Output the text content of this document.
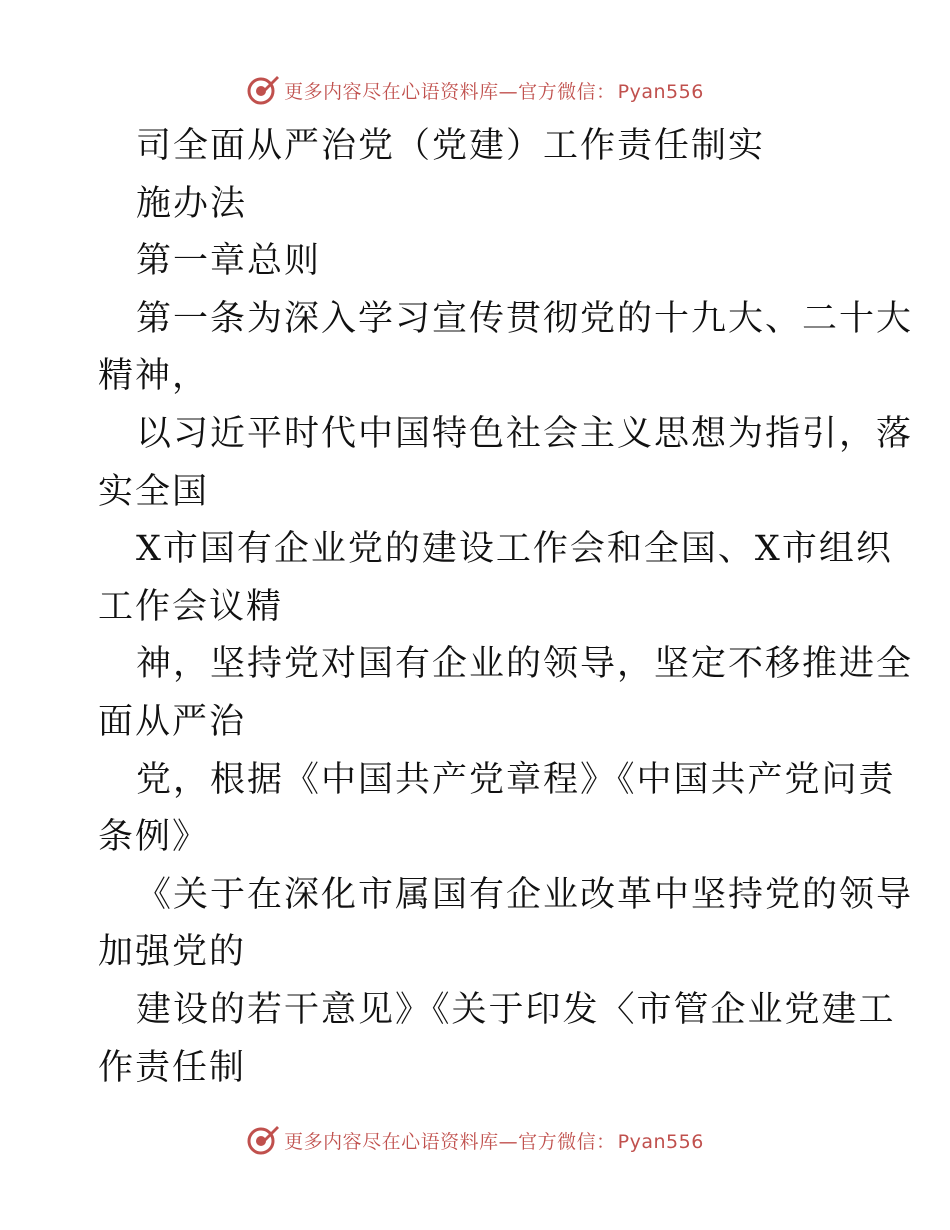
更多内容尽在心语资料库—官方微信： Pyan556
司全面从严治党（党建）工作责任制实
施办法
第一章总则
第一条为深入学习宣传贯彻党的十九大、二十大
精神，
以习近平时代中国特色社会主义思想为指引，落
实全国
X市国有企业党的建设工作会和全国、X市组织
工作会议精
神，坚持党对国有企业的领导，坚定不移推进全
面从严治
党，根据《中国共产党章程》《中国共产党问责
条例》
《关于在深化市属国有企业改革中坚持党的领导
加强党的
建设的若干意见》《关于印发〈市管企业党建工
作责任制
更多内容尽在心语资料库—官方微信： Pyan556
